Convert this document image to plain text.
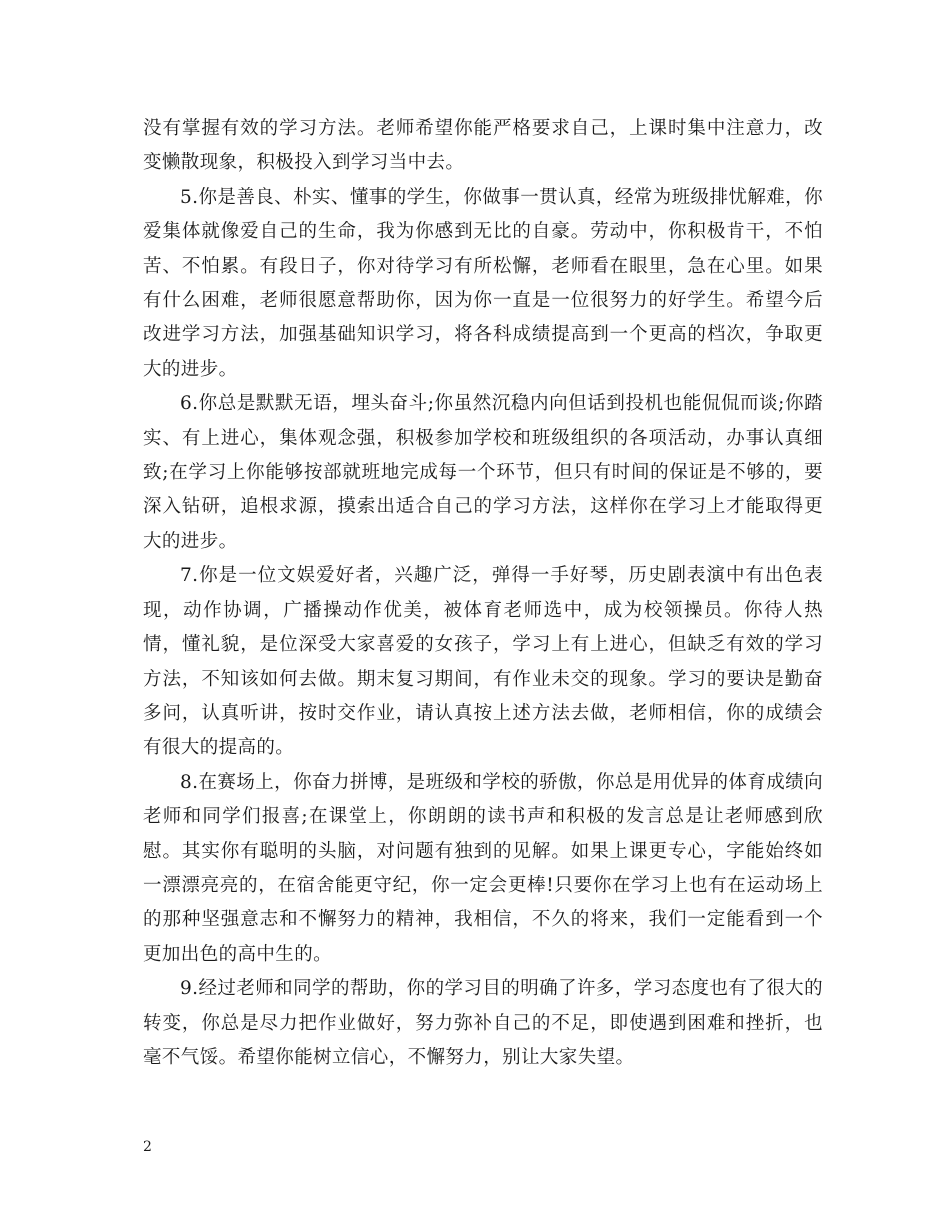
没有掌握有效的学习方法。老师希望你能严格要求自己，上课时集中注意力，改变懒散现象，积极投入到学习当中去。

5.你是善良、朴实、懂事的学生，你做事一贯认真，经常为班级排忧解难，你爱集体就像爱自己的生命，我为你感到无比的自豪。劳动中，你积极肯干，不怕苦、不怕累。有段日子，你对待学习有所松懈，老师看在眼里，急在心里。如果有什么困难，老师很愿意帮助你，因为你一直是一位很努力的好学生。希望今后改进学习方法，加强基础知识学习，将各科成绩提高到一个更高的档次，争取更大的进步。

6.你总是默默无语，埋头奋斗;你虽然沉稳内向但话到投机也能侃侃而谈;你踏实、有上进心，集体观念强，积极参加学校和班级组织的各项活动，办事认真细致;在学习上你能够按部就班地完成每一个环节，但只有时间的保证是不够的，要深入钻研，追根求源，摸索出适合自己的学习方法，这样你在学习上才能取得更大的进步。

7.你是一位文娱爱好者，兴趣广泛，弹得一手好琴，历史剧表演中有出色表现，动作协调，广播操动作优美，被体育老师选中，成为校领操员。你待人热情，懂礼貌，是位深受大家喜爱的女孩子，学习上有上进心，但缺乏有效的学习方法，不知该如何去做。期末复习期间，有作业未交的现象。学习的要诀是勤奋多问，认真听讲，按时交作业，请认真按上述方法去做，老师相信，你的成绩会有很大的提高的。

8.在赛场上，你奋力拼博，是班级和学校的骄傲，你总是用优异的体育成绩向老师和同学们报喜;在课堂上，你朗朗的读书声和积极的发言总是让老师感到欣慰。其实你有聪明的头脑，对问题有独到的见解。如果上课更专心，字能始终如一漂漂亮亮的，在宿舍能更守纪，你一定会更棒!只要你在学习上也有在运动场上的那种坚强意志和不懈努力的精神，我相信，不久的将来，我们一定能看到一个更加出色的高中生的。

9.经过老师和同学的帮助，你的学习目的明确了许多，学习态度也有了很大的转变，你总是尽力把作业做好，努力弥补自己的不足，即使遇到困难和挫折，也毫不气馁。希望你能树立信心，不懈努力，别让大家失望。

2
